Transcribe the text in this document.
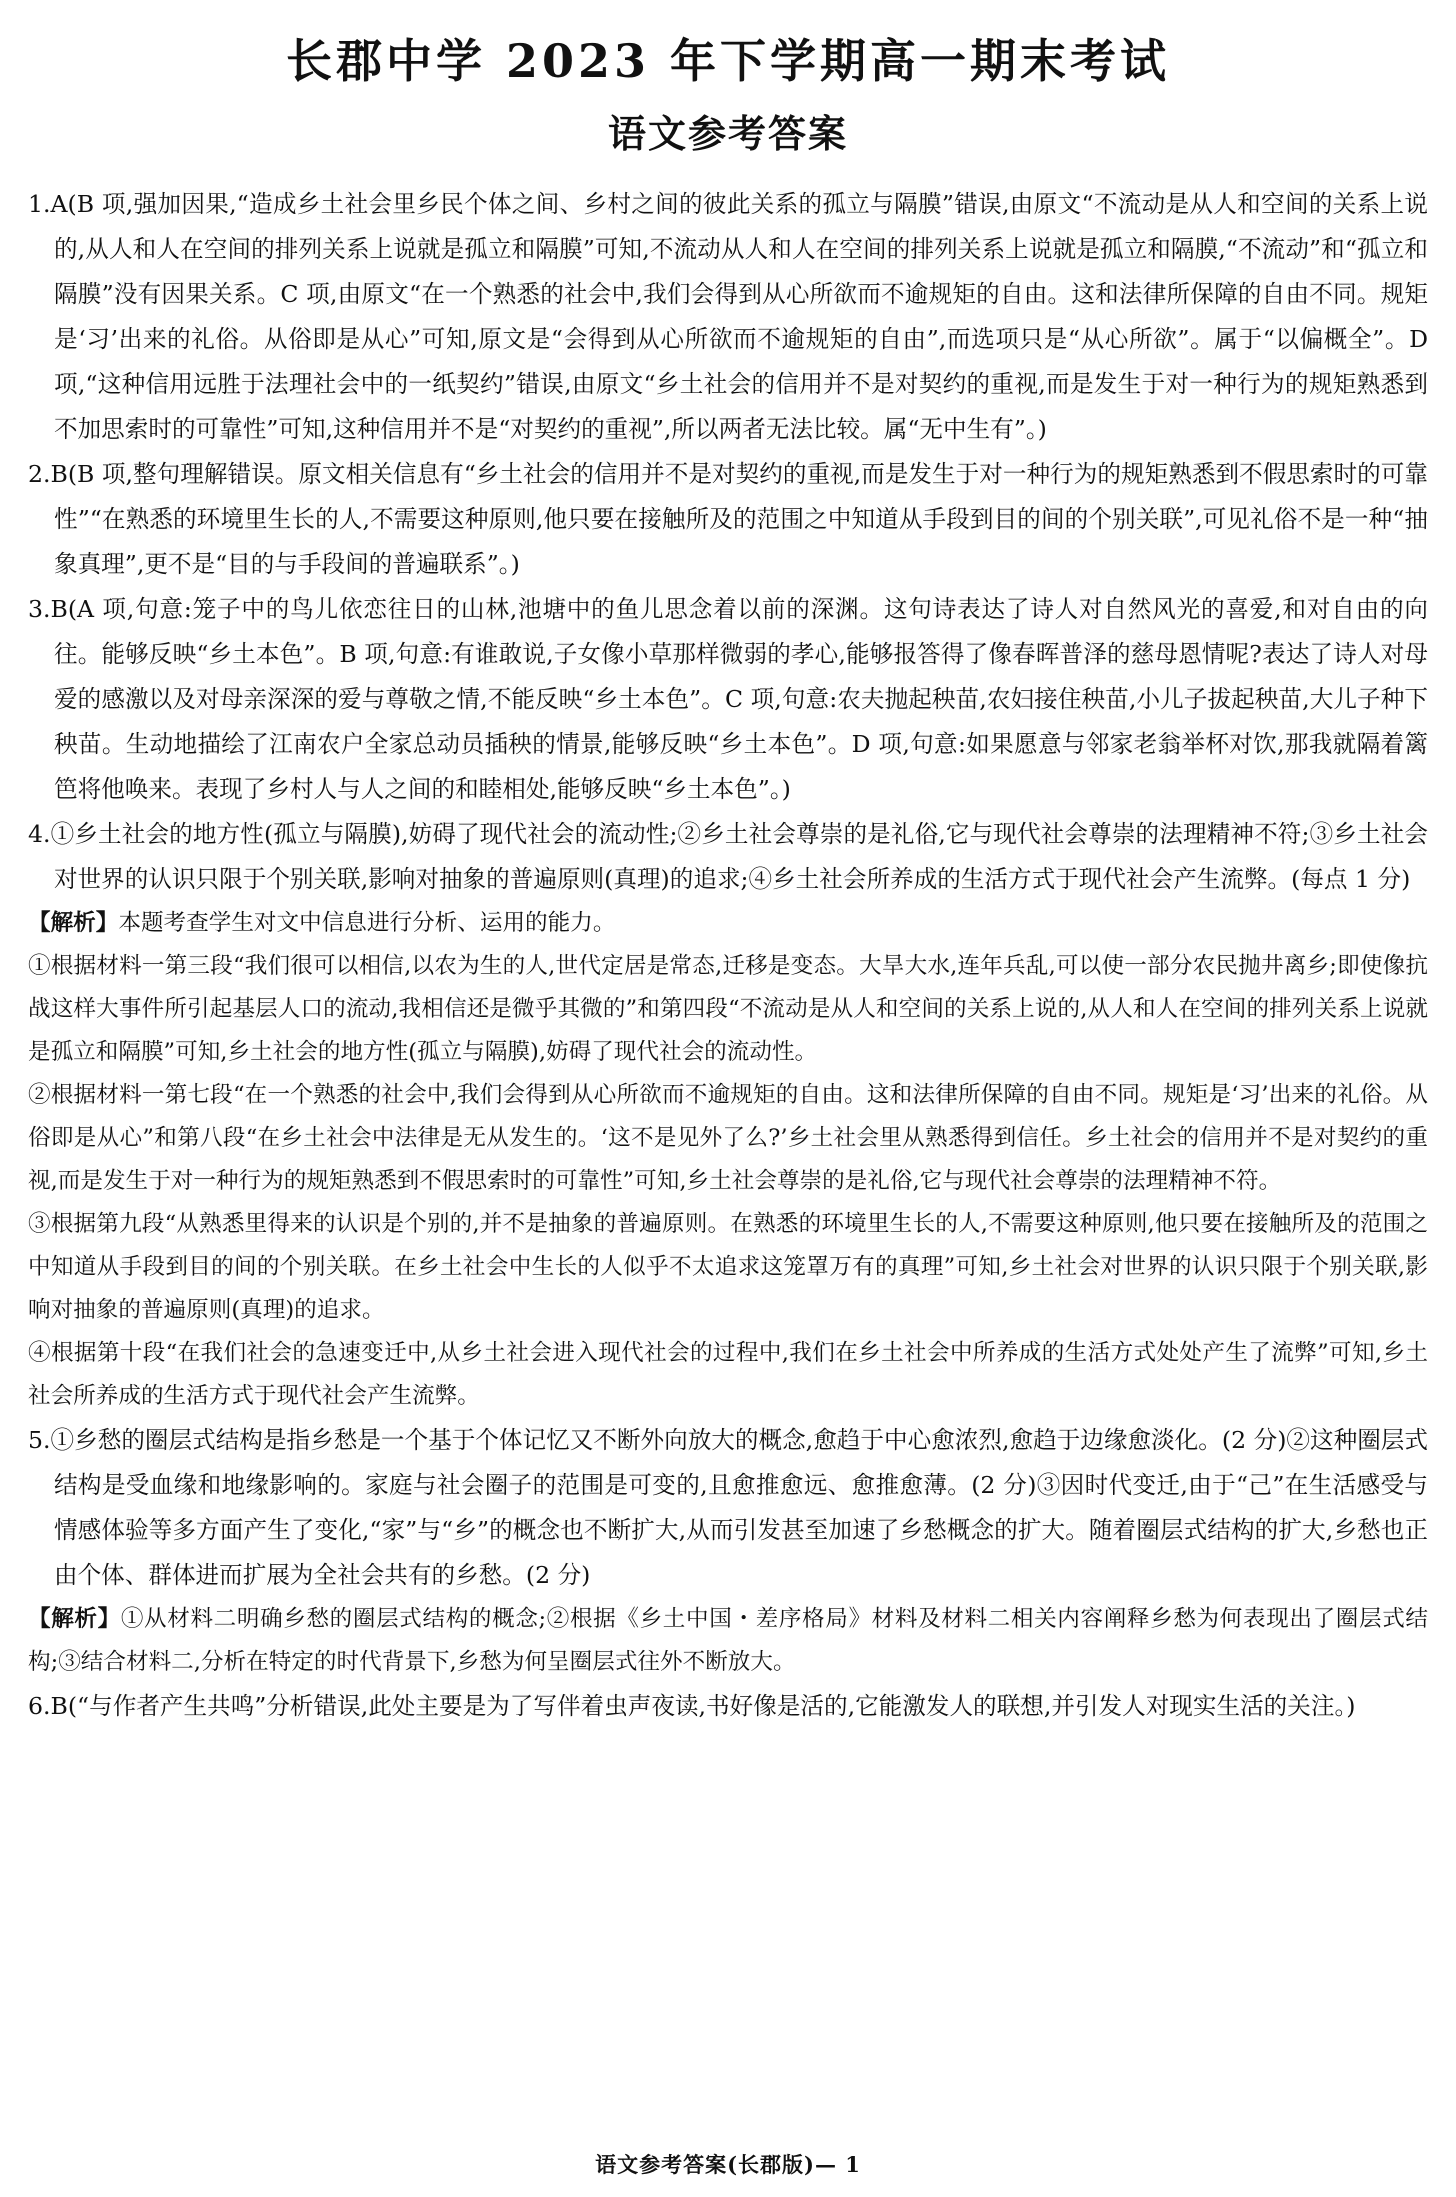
长郡中学 2023 年下学期高一期末考试
语文参考答案
1.A(B 项,强加因果,“造成乡土社会里乡民个体之间、乡村之间的彼此关系的孤立与隔膜”错误,由原文“不流动是从人和空间的关系上说的,从人和人在空间的排列关系上说就是孤立和隔膜”可知,不流动从人和人在空间的排列关系上说就是孤立和隔膜,“不流动”和“孤立和隔膜”没有因果关系。C 项,由原文“在一个熟悉的社会中,我们会得到从心所欲而不逾规矩的自由。这和法律所保障的自由不同。规矩是‘习’出来的礼俗。从俗即是从心”可知,原文是“会得到从心所欲而不逾规矩的自由”,而选项只是“从心所欲”。属于“以偏概全”。D 项,“这种信用远胜于法理社会中的一纸契约”错误,由原文“乡土社会的信用并不是对契约的重视,而是发生于对一种行为的规矩熟悉到不加思索时的可靠性”可知,这种信用并不是“对契约的重视”,所以两者无法比较。属“无中生有”。)
2.B(B 项,整句理解错误。原文相关信息有“乡土社会的信用并不是对契约的重视,而是发生于对一种行为的规矩熟悉到不假思索时的可靠性”“在熟悉的环境里生长的人,不需要这种原则,他只要在接触所及的范围之中知道从手段到目的间的个别关联”,可见礼俗不是一种“抽象真理”,更不是“目的与手段间的普遍联系”。)
3.B(A 项,句意:笼子中的鸟儿依恋往日的山林,池塘中的鱼儿思念着以前的深渊。这句诗表达了诗人对自然风光的喜爱,和对自由的向往。能够反映“乡土本色”。B 项,句意:有谁敢说,子女像小草那样微弱的孝心,能够报答得了像春晖普泽的慈母恩情呢?表达了诗人对母爱的感激以及对母亲深深的爱与尊敬之情,不能反映“乡土本色”。C 项,句意:农夫抛起秧苗,农妇接住秧苗,小儿子拔起秧苗,大儿子种下秧苗。生动地描绘了江南农户全家总动员插秧的情景,能够反映“乡土本色”。D 项,句意:如果愿意与邻家老翁举杯对饮,那我就隔着篱笆将他唤来。表现了乡村人与人之间的和睦相处,能够反映“乡土本色”。)
4.①乡土社会的地方性(孤立与隔膜),妨碍了现代社会的流动性;②乡土社会尊崇的是礼俗,它与现代社会尊崇的法理精神不符;③乡土社会对世界的认识只限于个别关联,影响对抽象的普遍原则(真理)的追求;④乡土社会所养成的生活方式于现代社会产生流弊。(每点 1 分)
【解析】本题考查学生对文中信息进行分析、运用的能力。
①根据材料一第三段“我们很可以相信,以农为生的人,世代定居是常态,迁移是变态。大旱大水,连年兵乱,可以使一部分农民抛井离乡;即使像抗战这样大事件所引起基层人口的流动,我相信还是微乎其微的”和第四段“不流动是从人和空间的关系上说的,从人和人在空间的排列关系上说就是孤立和隔膜”可知,乡土社会的地方性(孤立与隔膜),妨碍了现代社会的流动性。
②根据材料一第七段“在一个熟悉的社会中,我们会得到从心所欲而不逾规矩的自由。这和法律所保障的自由不同。规矩是‘习’出来的礼俗。从俗即是从心”和第八段“在乡土社会中法律是无从发生的。‘这不是见外了么?’乡土社会里从熟悉得到信任。乡土社会的信用并不是对契约的重视,而是发生于对一种行为的规矩熟悉到不假思索时的可靠性”可知,乡土社会尊崇的是礼俗,它与现代社会尊崇的法理精神不符。
③根据第九段“从熟悉里得来的认识是个别的,并不是抽象的普遍原则。在熟悉的环境里生长的人,不需要这种原则,他只要在接触所及的范围之中知道从手段到目的间的个别关联。在乡土社会中生长的人似乎不太追求这笼罩万有的真理”可知,乡土社会对世界的认识只限于个别关联,影响对抽象的普遍原则(真理)的追求。
④根据第十段“在我们社会的急速变迁中,从乡土社会进入现代社会的过程中,我们在乡土社会中所养成的生活方式处处产生了流弊”可知,乡土社会所养成的生活方式于现代社会产生流弊。
5.①乡愁的圈层式结构是指乡愁是一个基于个体记忆又不断外向放大的概念,愈趋于中心愈浓烈,愈趋于边缘愈淡化。(2 分)②这种圈层式结构是受血缘和地缘影响的。家庭与社会圈子的范围是可变的,且愈推愈远、愈推愈薄。(2 分)③因时代变迁,由于“己”在生活感受与情感体验等多方面产生了变化,“家”与“乡”的概念也不断扩大,从而引发甚至加速了乡愁概念的扩大。随着圈层式结构的扩大,乡愁也正由个体、群体进而扩展为全社会共有的乡愁。(2 分)
【解析】①从材料二明确乡愁的圈层式结构的概念;②根据《乡土中国・差序格局》材料及材料二相关内容阐释乡愁为何表现出了圈层式结构;③结合材料二,分析在特定的时代背景下,乡愁为何呈圈层式往外不断放大。
6.B(“与作者产生共鸣”分析错误,此处主要是为了写伴着虫声夜读,书好像是活的,它能激发人的联想,并引发人对现实生活的关注。)
语文参考答案(长郡版)— 1
